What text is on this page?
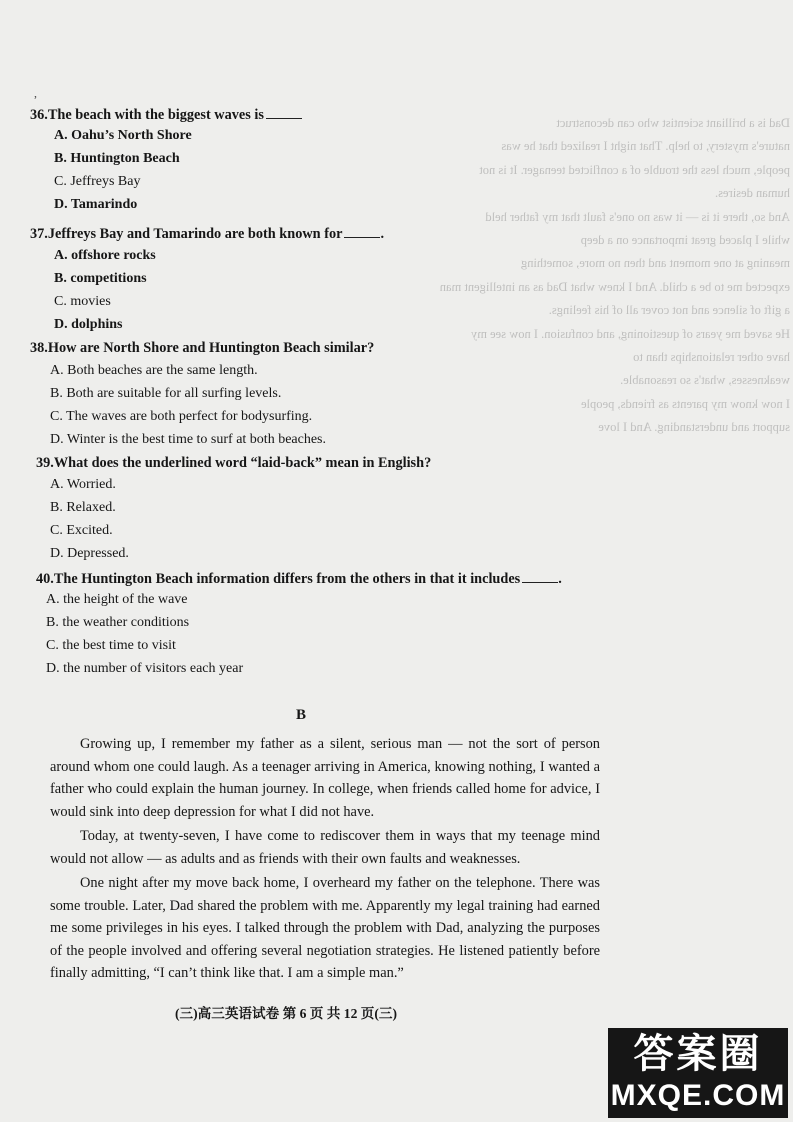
,
Dad is a brilliant scientist who can deconstruct
nature's mystery, to help. That night I realized that he was
people, much less the trouble of a conflicted teenager. It is not
human desires.
And so, there it is — it was no one's fault that my father held
while I placed great importance on a deep
meaning at one moment and then no more, something
expected me to be a child. And I knew what Dad as an intelligent man
a gift of silence and not cover all of his feelings.
He saved me years of questioning, and confusion. I now see my
have other relationships than to
weaknesses, what's so reasonable.
I now know my parents as friends, people
support and understanding. And I love
36.The beach with the biggest waves is
A. Oahu’s North Shore
B. Huntington Beach
C. Jeffreys Bay
D. Tamarindo
37.Jeffreys Bay and Tamarindo are both known for	.
A. offshore rocks
B. competitions
C. movies
D. dolphins
38.How are North Shore and Huntington Beach similar?
A. Both beaches are the same length.
B. Both are suitable for all surfing levels.
C. The waves are both perfect for bodysurfing.
D. Winter is the best time to surf at both beaches.
39.What does the underlined word “laid-back” mean in English?
A. Worried.
B. Relaxed.
C. Excited.
D. Depressed.
40.The Huntington Beach information differs from the others in that it includes	.
A. the height of the wave
B. the weather conditions
C. the best time to visit
D. the number of visitors each year
B
Growing up, I remember my father as a silent, serious man — not the sort of person around whom one could laugh. As a teenager arriving in America, knowing nothing, I wanted a father who could explain the human journey. In college, when friends called home for advice, I would sink into deep depression for what I did not have.
Today, at twenty-seven, I have come to rediscover them in ways that my teenage mind would not allow — as adults and as friends with their own faults and weaknesses.
One night after my move back home, I overheard my father on the telephone. There was some trouble. Later, Dad shared the problem with me. Apparently my legal training had earned me some privileges in his eyes. I talked through the problem with Dad, analyzing the purposes of the people involved and offering several negotiation strategies. He listened patiently before finally admitting, “I can’t think like that. I am a simple man.”
(三)高三英语试卷 第 6 页 共 12 页(三)
答案圈
MXQE.COM
